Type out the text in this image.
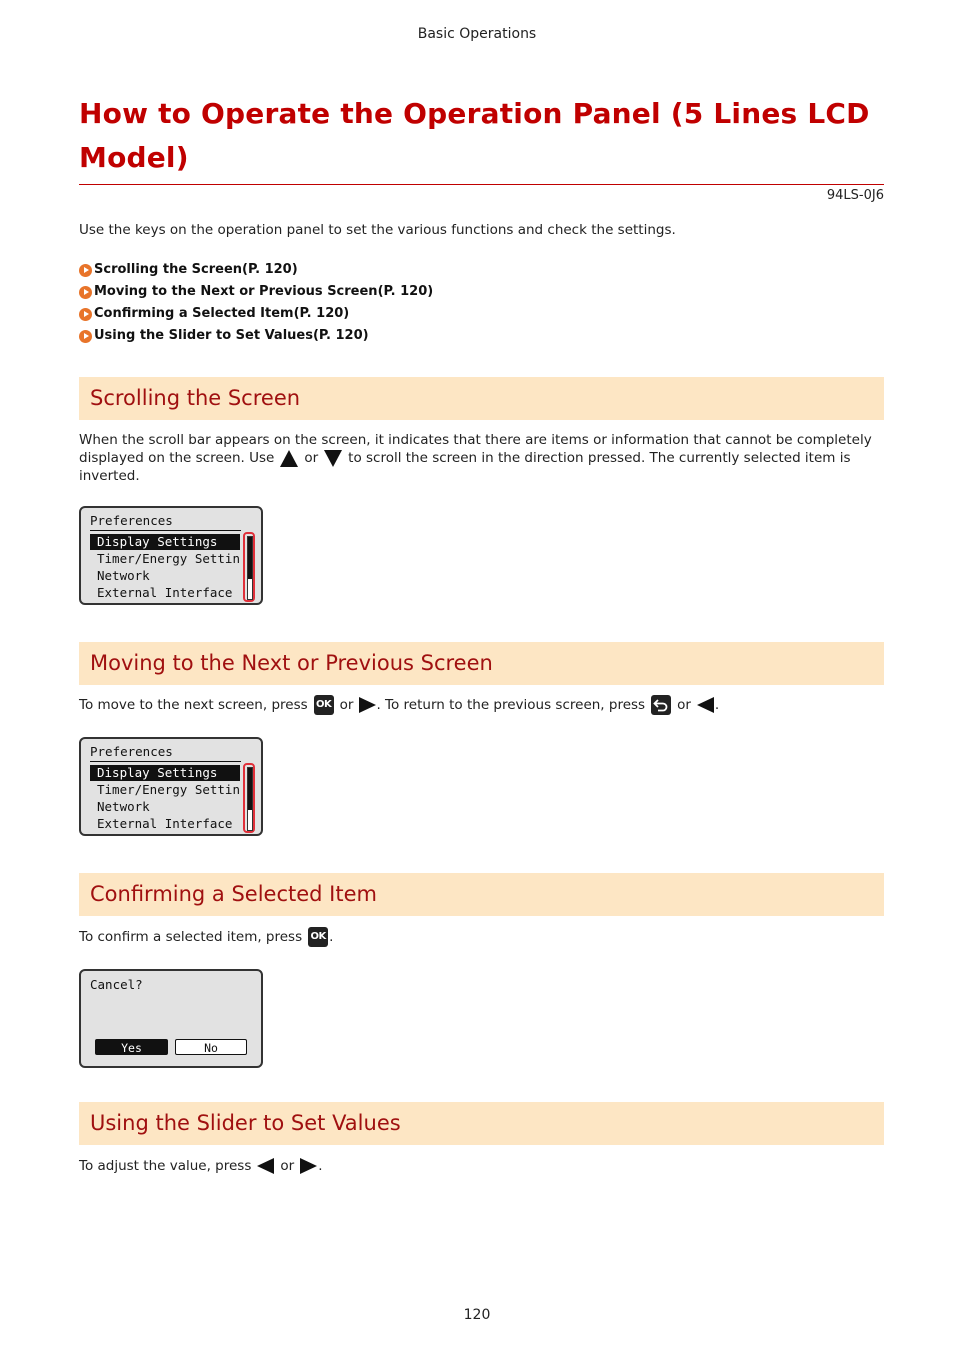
Basic Operations
How to Operate the Operation Panel (5 Lines LCD Model)
94LS-0J6
Use the keys on the operation panel to set the various functions and check the settings.
Scrolling the Screen(P. 120)
Moving to the Next or Previous Screen(P. 120)
Confirming a Selected Item(P. 120)
Using the Slider to Set Values(P. 120)
Scrolling the Screen
When the scroll bar appears on the screen, it indicates that there are items or information that cannot be completely displayed on the screen. Use or to scroll the screen in the direction pressed. The currently selected item is inverted.
Preferences
Display Settings
Timer/Energy Settin
Network
External Interface
Moving to the Next or Previous Screen
To move to the next screen, press OK or . To return to the previous screen, press or .
Preferences
Display Settings
Timer/Energy Settin
Network
External Interface
Confirming a Selected Item
To confirm a selected item, press OK .
Cancel?
Yes	No
Using the Slider to Set Values
To adjust the value, press or .
120
